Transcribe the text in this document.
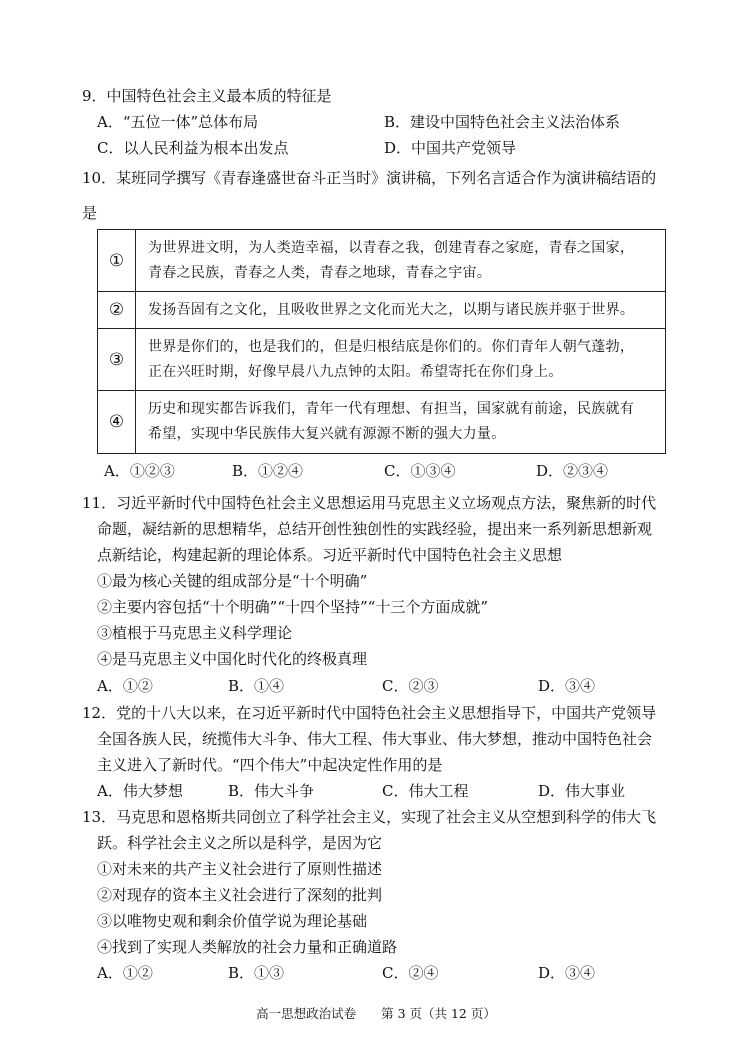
9．中国特色社会主义最本质的特征是
A．“五位一体”总体布局	B．建设中国特色社会主义法治体系
C．以人民利益为根本出发点	D．中国共产党领导
10．某班同学撰写《青春逢盛世奋斗正当时》演讲稿，下列名言适合作为演讲稿结语的
是
①
为世界进文明，为人类造幸福，以青春之我，创建青春之家庭，青春之国家，
青春之民族，青春之人类，青春之地球，青春之宇宙。
②	发扬吾固有之文化，且吸收世界之文化而光大之，以期与诸民族并驱于世界。
③
世界是你们的，也是我们的，但是归根结底是你们的。你们青年人朝气蓬勃，
正在兴旺时期，好像早晨八九点钟的太阳。希望寄托在你们身上。
④
历史和现实都告诉我们，青年一代有理想、有担当，国家就有前途，民族就有
希望，实现中华民族伟大复兴就有源源不断的强大力量。
A．①②③	B．①②④	C．①③④	D．②③④
11．习近平新时代中国特色社会主义思想运用马克思主义立场观点方法，聚焦新的时代
命题，凝结新的思想精华，总结开创性独创性的实践经验，提出来一系列新思想新观
点新结论，构建起新的理论体系。习近平新时代中国特色社会主义思想
①最为核心关键的组成部分是“十个明确”
②主要内容包括“十个明确”“十四个坚持”“十三个方面成就”
③植根于马克思主义科学理论
④是马克思主义中国化时代化的终极真理
A．①②	B．①④	C．②③	D．③④
12．党的十八大以来，在习近平新时代中国特色社会主义思想指导下，中国共产党领导
全国各族人民，统揽伟大斗争、伟大工程、伟大事业、伟大梦想，推动中国特色社会
主义进入了新时代。“四个伟大”中起决定性作用的是
A．伟大梦想	B．伟大斗争	C．伟大工程	D．伟大事业
13．马克思和恩格斯共同创立了科学社会主义，实现了社会主义从空想到科学的伟大飞
跃。科学社会主义之所以是科学，是因为它
①对未来的共产主义社会进行了原则性描述
②对现存的资本主义社会进行了深刻的批判
③以唯物史观和剩余价值学说为理论基础
④找到了实现人类解放的社会力量和正确道路
A．①②	B．①③	C．②④	D．③④
高一思想政治试卷　　第 3 页（共 12 页）
